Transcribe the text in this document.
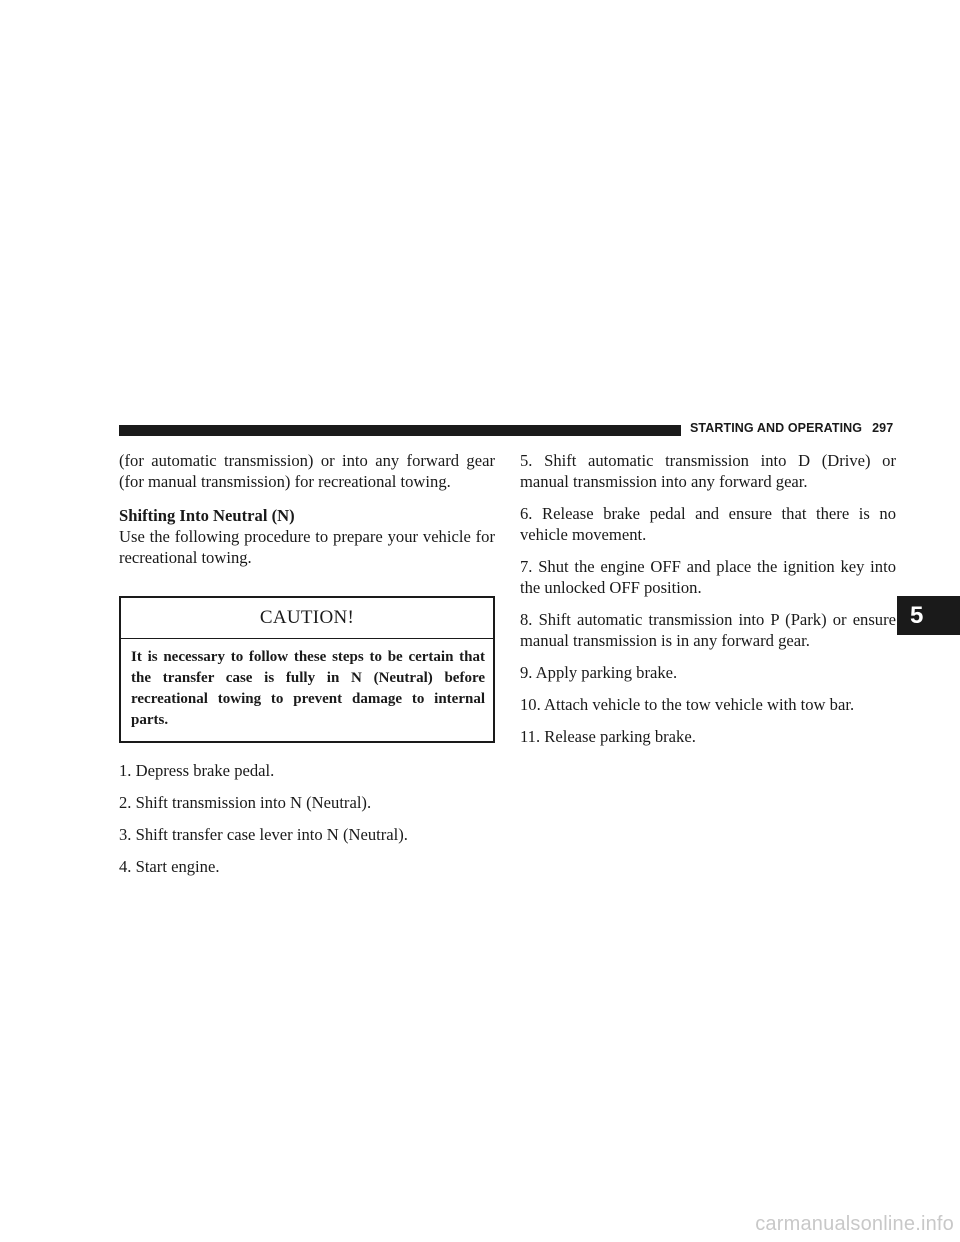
STARTING AND OPERATING 297

(for automatic transmission) or into any forward gear (for manual transmission) for recreational towing.

Shifting Into Neutral (N)

Use the following procedure to prepare your vehicle for recreational towing.

CAUTION!
It is necessary to follow these steps to be certain that the transfer case is fully in N (Neutral) before recreational towing to prevent damage to internal parts.

1. Depress brake pedal.

2. Shift transmission into N (Neutral).

3. Shift transfer case lever into N (Neutral).

4. Start engine.

5. Shift automatic transmission into D (Drive) or manual transmission into any forward gear.

6. Release brake pedal and ensure that there is no vehicle movement.

7. Shut the engine OFF and place the ignition key into the unlocked OFF position.

8. Shift automatic transmission into P (Park) or ensure manual transmission is in any forward gear.

9. Apply parking brake.

10. Attach vehicle to the tow vehicle with tow bar.

11. Release parking brake.

5
carmanualsonline.info
